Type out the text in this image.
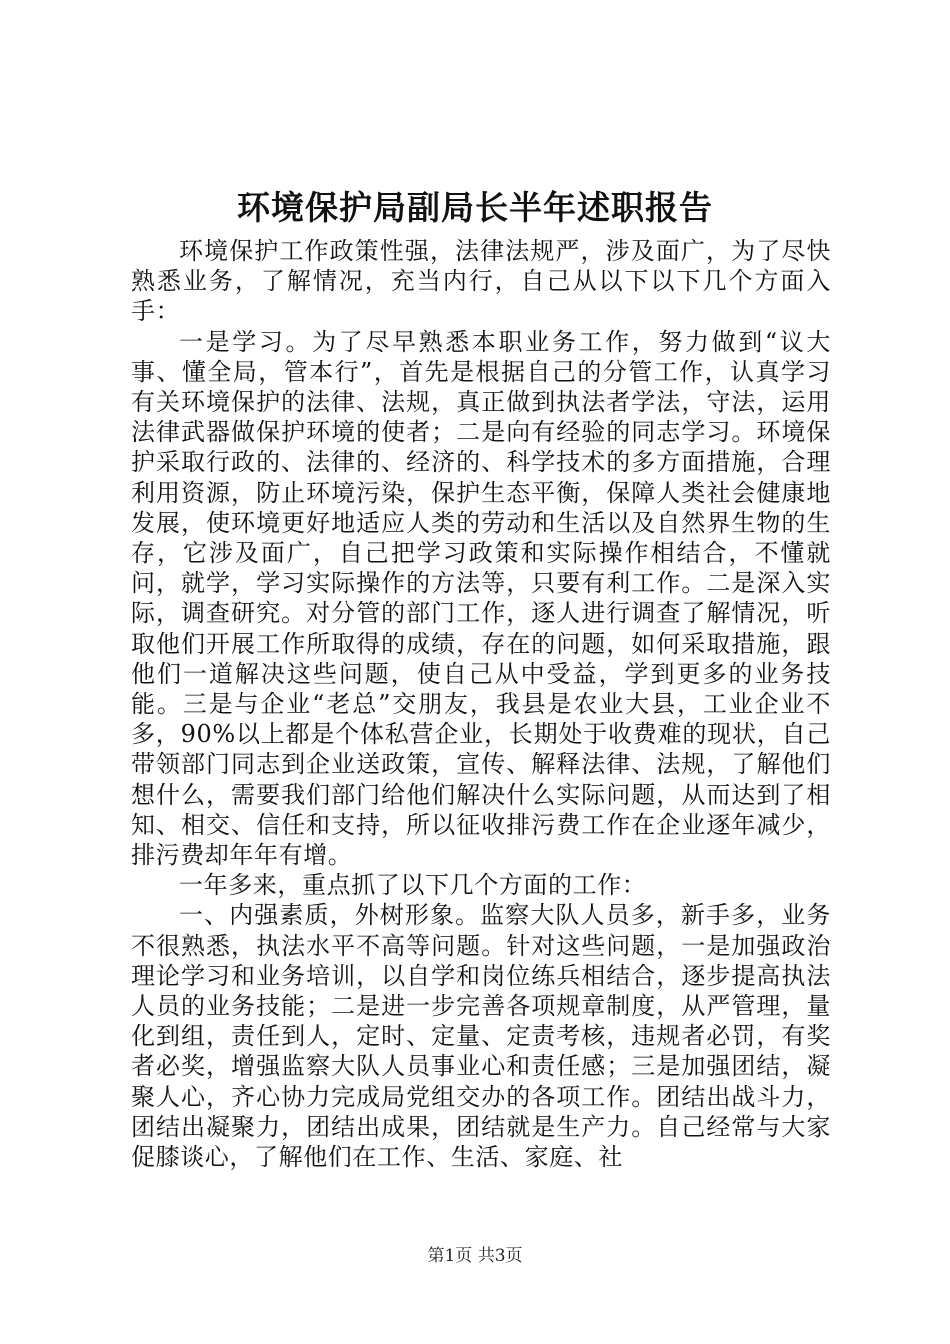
环境保护局副局长半年述职报告

环境保护工作政策性强，法律法规严，涉及面广，为了尽快熟悉业务，了解情况，充当内行，自己从以下以下几个方面入手：

一是学习。为了尽早熟悉本职业务工作，努力做到“议大事、懂全局，管本行”，首先是根据自己的分管工作，认真学习有关环境保护的法律、法规，真正做到执法者学法，守法，运用法律武器做保护环境的使者；二是向有经验的同志学习。环境保护采取行政的、法律的、经济的、科学技术的多方面措施，合理利用资源，防止环境污染，保护生态平衡，保障人类社会健康地发展，使环境更好地适应人类的劳动和生活以及自然界生物的生存，它涉及面广，自己把学习政策和实际操作相结合，不懂就问，就学，学习实际操作的方法等，只要有利工作。二是深入实际，调查研究。对分管的部门工作，逐人进行调查了解情况，听取他们开展工作所取得的成绩，存在的问题，如何采取措施，跟他们一道解决这些问题，使自己从中受益，学到更多的业务技能。三是与企业“老总”交朋友，我县是农业大县，工业企业不多，90%以上都是个体私营企业，长期处于收费难的现状，自己带领部门同志到企业送政策，宣传、解释法律、法规，了解他们想什么，需要我们部门给他们解决什么实际问题，从而达到了相知、相交、信任和支持，所以征收排污费工作在企业逐年减少，排污费却年年有增。

一年多来，重点抓了以下几个方面的工作：

一、内强素质，外树形象。监察大队人员多，新手多，业务不很熟悉，执法水平不高等问题。针对这些问题，一是加强政治理论学习和业务培训，以自学和岗位练兵相结合，逐步提高执法人员的业务技能；二是进一步完善各项规章制度，从严管理，量化到组，责任到人，定时、定量、定责考核，违规者必罚，有奖者必奖，增强监察大队人员事业心和责任感；三是加强团结，凝聚人心，齐心协力完成局党组交办的各项工作。团结出战斗力，团结出凝聚力，团结出成果，团结就是生产力。自己经常与大家促膝谈心，了解他们在工作、生活、家庭、社

第1页 共3页
